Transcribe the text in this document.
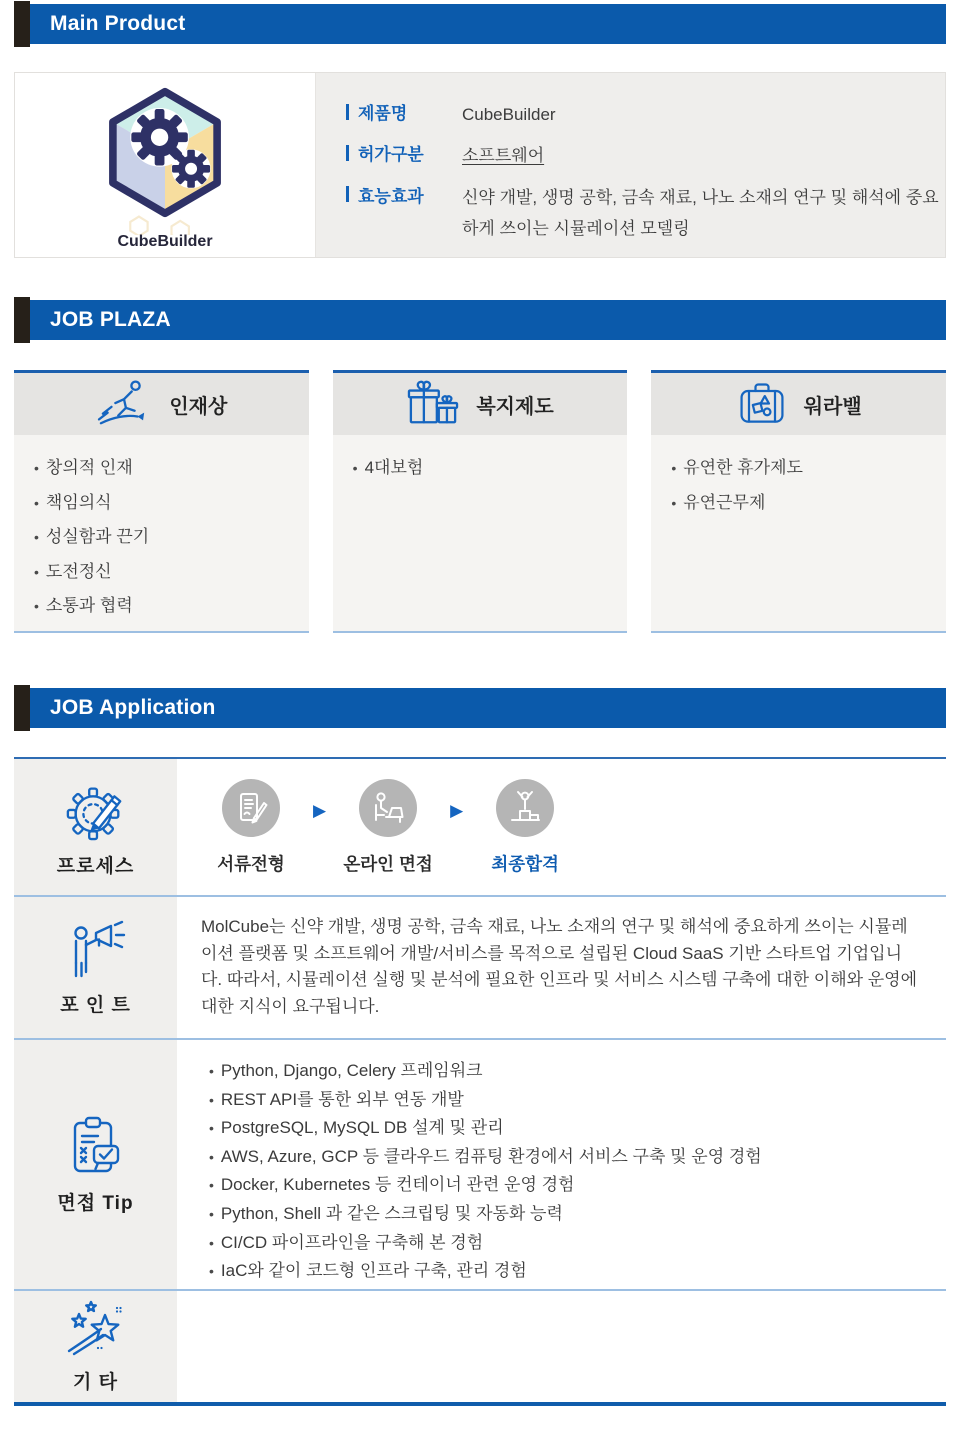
Main Product
CubeBuilder
제품명	CubeBuilder
허가구분 소프트웨어
효능효과 신약 개발, 생명 공학, 금속 재료, 나노 소재의 연구 및 해석에 중요하게 쓰이는 시뮬레이션 모델링
JOB PLAZA
인재상
• 창의적 인재
• 책임의식
• 성실함과 끈기
• 도전정신
• 소통과 협력
복지제도
• 4대보험
워라밸
• 유연한 휴가제도
• 유연근무제
JOB Application
프로세스	서류전형
▶
온라인 면접
▶
최종합격
포 인 트

MolCube는 신약 개발, 생명 공학, 금속 재료, 나노 소재의 연구 및 해석에 중요하게 쓰이는 시뮬레이션 플랫폼 및 소프트웨어 개발/서비스를 목적으로 설립된 Cloud SaaS 기반 스타트업 기업입니다. 따라서, 시뮬레이션 실행 및 분석에 필요한 인프라 및 서비스 시스템 구축에 대한 이해와 운영에 대한 지식이 요구됩니다.

면접 Tip
• Python, Django, Celery 프레임워크
• REST API를 통한 외부 연동 개발
• PostgreSQL, MySQL DB 설계 및 관리
• AWS, Azure, GCP 등 클라우드 컴퓨팅 환경에서 서비스 구축 및 운영 경험
• Docker, Kubernetes 등 컨테이너 관련 운영 경험
• Python, Shell 과 같은 스크립팅 및 자동화 능력
• CI/CD 파이프라인을 구축해 본 경험
• IaC와 같이 코드형 인프라 구축, 관리 경험
기 타
